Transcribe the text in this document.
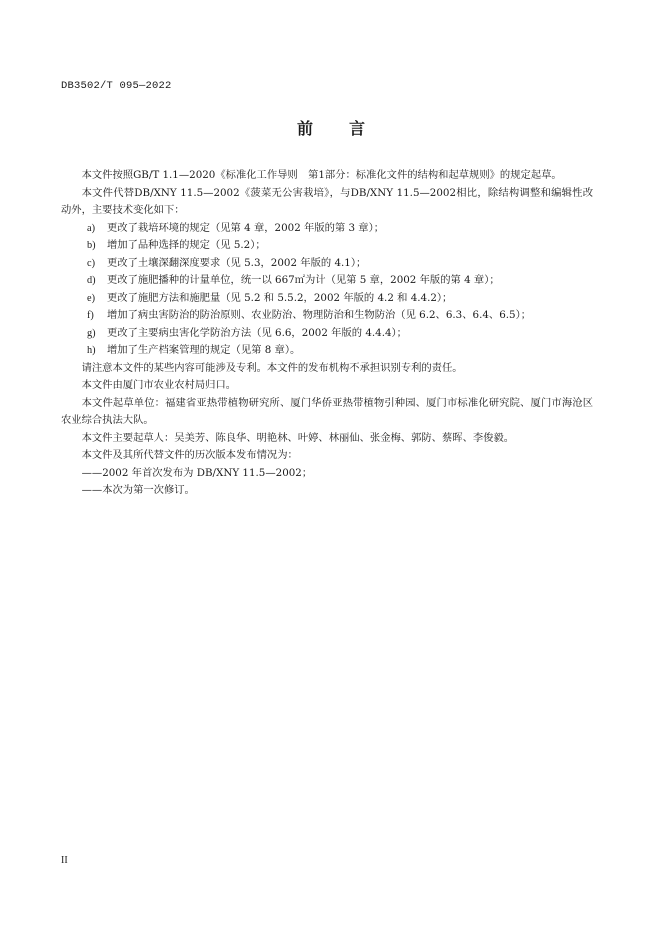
DB3502/T 095—2022
前言

本文件按照GB/T 1.1—2020《标准化工作导则　第1部分：标准化文件的结构和起草规则》的规定起草。

本文件代替DB/XNY 11.5—2002《菠菜无公害栽培》，与DB/XNY 11.5—2002相比，除结构调整和编辑性改动外，主要技术变化如下：

a) 更改了栽培环境的规定（见第 4 章，2002 年版的第 3 章）；
b) 增加了品种选择的规定（见 5.2）；
c) 更改了土壤深翻深度要求（见 5.3，2002 年版的 4.1）；
d) 更改了施肥播种的计量单位，统一以 667㎡为计（见第 5 章，2002 年版的第 4 章）；
e) 更改了施肥方法和施肥量（见 5.2 和 5.5.2，2002 年版的 4.2 和 4.4.2）；
f) 增加了病虫害防治的防治原则、农业防治、物理防治和生物防治（见 6.2、6.3、6.4、6.5）；
g) 更改了主要病虫害化学防治方法（见 6.6，2002 年版的 4.4.4）；
h) 增加了生产档案管理的规定（见第 8 章）。

请注意本文件的某些内容可能涉及专利。本文件的发布机构不承担识别专利的责任。

本文件由厦门市农业农村局归口。

本文件起草单位：福建省亚热带植物研究所、厦门华侨亚热带植物引种园、厦门市标准化研究院、厦门市海沧区农业综合执法大队。

本文件主要起草人：吴美芳、陈良华、明艳林、叶婷、林丽仙、张金梅、郭防、蔡晖、李俊毅。

本文件及其所代替文件的历次版本发布情况为：

——2002 年首次发布为 DB/XNY 11.5—2002；

——本次为第一次修订。

II
